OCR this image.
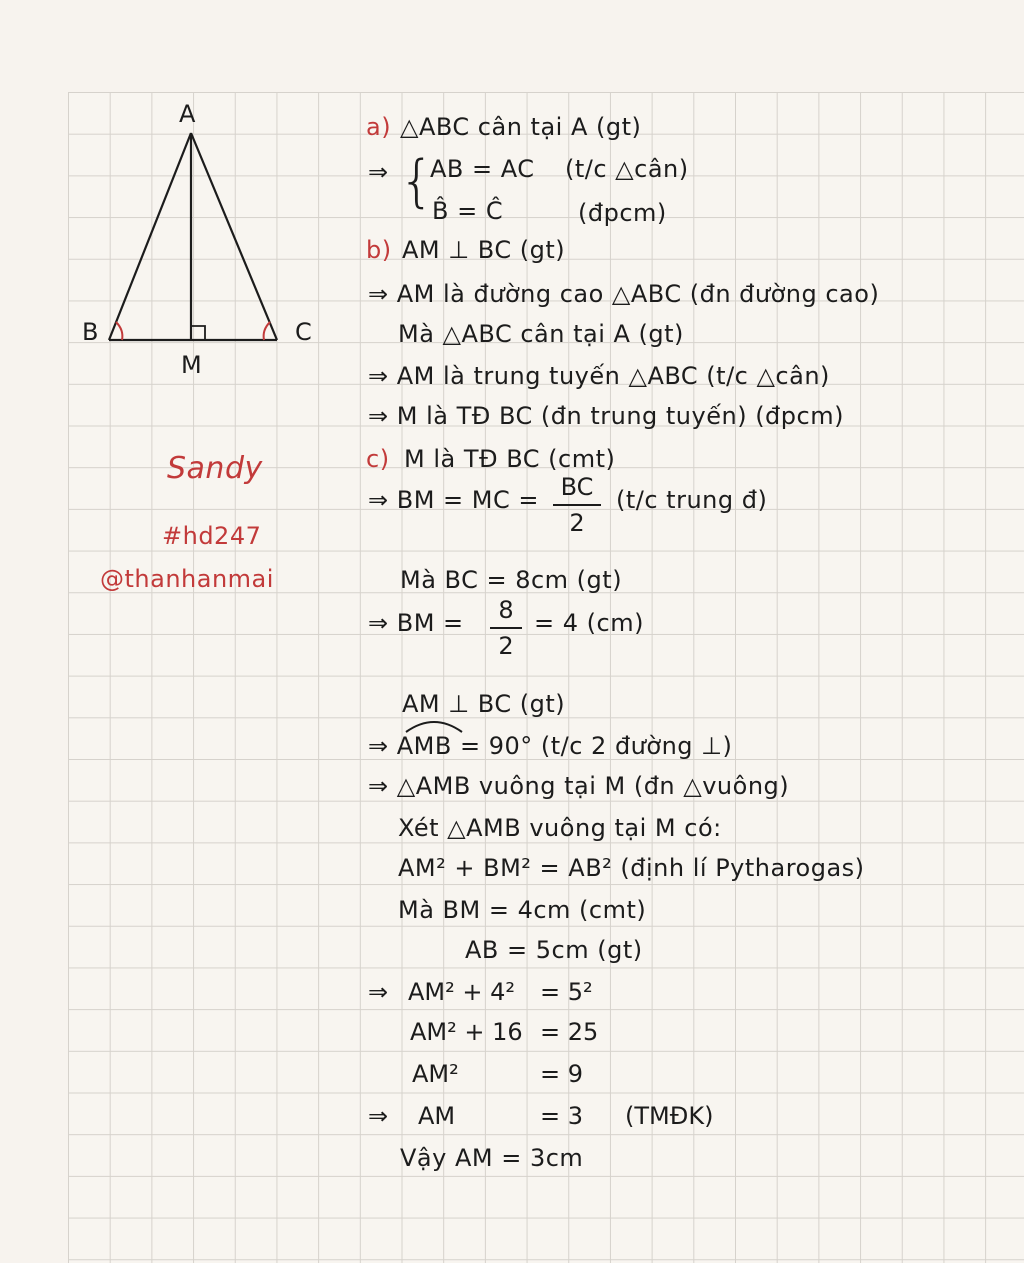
A
B	C
M
Sandy
#hd247
@thanhanmai
a) △ABC cân tại A (gt)
⇒ {
AB = AC (t/c △cân)
B̂ = Ĉ	(đpcm)
b) AM ⊥ BC (gt)
⇒ AM là đường cao △ABC (đn đường cao)
Mà △ABC cân tại A (gt)
⇒ AM là trung tuyến △ABC (t/c △cân)
⇒ M là TĐ BC (đn trung tuyến) (đpcm)
c) M là TĐ BC (cmt)
⇒ BM = MC = BC
2
(t/c trung đ)
Mà BC = 8cm (gt)
⇒ BM =	8
2
= 4 (cm)
AM ⊥ BC (gt)
⇒ AMB = 90° (t/c 2 đường ⊥)
⇒ △AMB vuông tại M (đn △vuông)
Xét △AMB vuông tại M có:
AM² + BM² = AB² (định lí Pytharogas)
Mà BM = 4cm (cmt)
AB = 5cm (gt)
⇒ AM² + 4² = 5²
AM² + 16 = 25
AM²	= 9
⇒ AM	= 3 (TMĐK)
Vậy AM = 3cm
